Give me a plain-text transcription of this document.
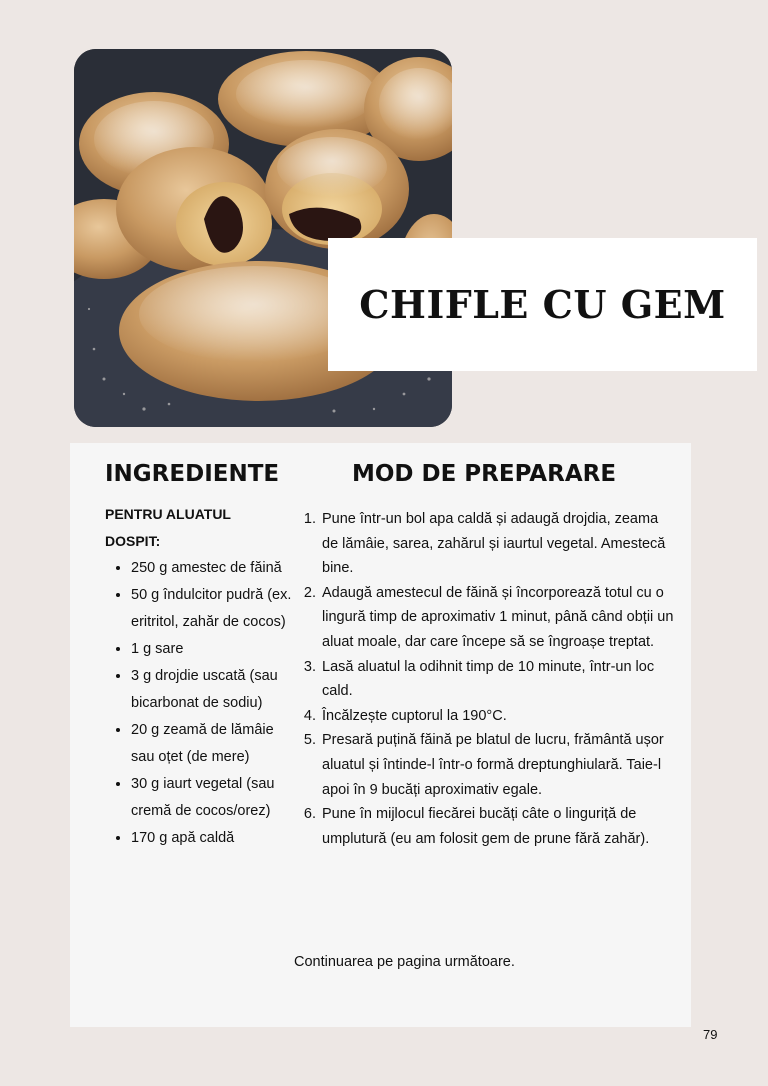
CHIFLE CU GEM
INGREDIENTE

PENTRU ALUATUL DOSPIT:

• 250 g amestec de făină
• 50 g îndulcitor pudră (ex. eritritol, zahăr de cocos)
• 1 g sare
• 3 g drojdie uscată (sau bicarbonat de sodiu)
• 20 g zeamă de lămâie sau oțet (de mere)
• 30 g iaurt vegetal (sau cremă de cocos/orez)
• 170 g apă caldă
MOD DE PREPARARE
1. Pune într-un bol apa caldă și adaugă drojdia, zeama de lămâie, sarea, zahărul și iaurtul vegetal. Amestecă bine.
2. Adaugă amestecul de făină și încorporează totul cu o lingură timp de aproximativ 1 minut, până când obții un aluat moale, dar care începe să se îngroașe treptat.
3. Lasă aluatul la odihnit timp de 10 minute, într-un loc cald.
4. Încălzește cuptorul la 190°C.
5. Presară puțină făină pe blatul de lucru, frământă ușor aluatul și întinde-l într-o formă dreptunghiulară. Taie-l apoi în 9 bucăți aproximativ egale.
6. Pune în mijlocul fiecărei bucăți câte o linguriță de umplutură (eu am folosit gem de prune fără zahăr).
Continuarea pe pagina următoare.
79
